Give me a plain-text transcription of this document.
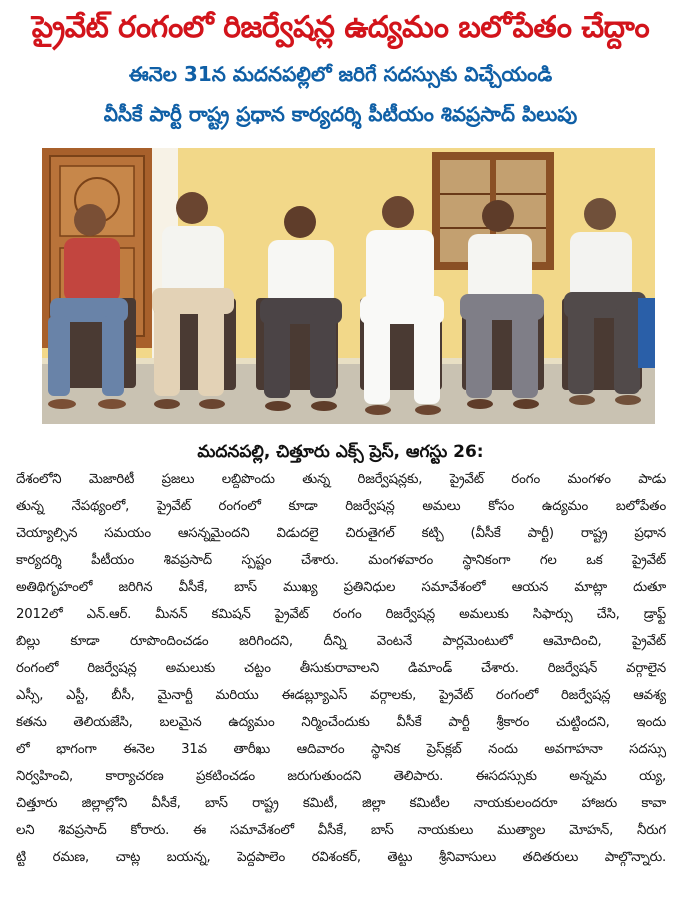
ప్రైవేట్ రంగంలో రిజర్వేషన్ల ఉద్యమం బలోపేతం చేద్దాం
ఈనెల 31న మదనపల్లిలో జరిగే సదస్సుకు విచ్చేయండి
వీసీకే పార్టీ రాష్ట్ర ప్రధాన కార్యదర్శి పీటీయం శివప్రసాద్ పిలుపు
మదనపల్లి, చిత్తూరు ఎక్స్ ప్రెస్, ఆగస్టు 26:
దేశంలోని మెజారిటీ ప్రజలు లబ్దిపొందు తున్న రిజర్వేషన్లకు, ప్రైవేట్ రంగం మంగళం పాడు
తున్న నేపథ్యంలో, ప్రైవేట్ రంగంలో కూడా రిజర్వేషన్ల అమలు కోసం ఉద్యమం బలోపేతం
చెయ్యాల్సిన సమయం ఆసన్నమైందని విడుదలై చిరుతైగల్ కట్చి (వీసీకే పార్టీ) రాష్ట్ర ప్రధాన
కార్యదర్శి పీటీయం శివప్రసాద్ స్పష్టం చేశారు. మంగళవారం స్థానికంగా గల ఒక ప్రైవేట్
అతిథిగృహంలో జరిగిన వీసీకే, బాస్ ముఖ్య ప్రతినిధుల సమావేశంలో ఆయన మాట్లా దుతూ
2012లో ఎన్.ఆర్. మీనన్ కమిషన్ ప్రైవేట్ రంగం రిజర్వేషన్ల అమలుకు సిఫార్సు చేసి, డ్రాఫ్ట్
బిల్లు కూడా రూపొందించడం జరిగిందని, దీన్ని వెంటనే పార్లమెంటులో ఆమోదించి, ప్రైవేట్
రంగంలో రిజర్వేషన్ల అమలుకు చట్టం తీసుకురావాలని డిమాండ్ చేశారు. రిజర్వేషన్ వర్గాలైన
ఎస్సీ, ఎస్టీ, బీసీ, మైనార్టీ మరియు ఈడబ్ల్యూఎస్ వర్గాలకు, ప్రైవేట్ రంగంలో రిజర్వేషన్ల ఆవశ్య
కతను తెలియజేసి, బలమైన ఉద్యమం నిర్మించేందుకు వీసీకే పార్టీ శ్రీకారం చుట్టిందని, ఇందు
లో భాగంగా ఈనెల 31వ తారీఖు ఆదివారం స్థానిక ప్రెస్‌క్లబ్ నందు అవగాహనా సదస్సు
నిర్వహించి, కార్యాచరణ ప్రకటించడం జరుగుతుందని తెలిపారు. ఈసదస్సుకు అన్నమ య్య,
చిత్తూరు జిల్లాల్లోని వీసీకే, బాస్ రాష్ట్ర కమిటీ, జిల్లా కమిటీల నాయకులందరూ హాజరు కావా
లని శివప్రసాద్ కోరారు. ఈ సమావేశంలో వీసీకే, బాస్ నాయకులు ముత్యాల మోహన్, నీరుగ
ట్టి రమణ, చాట్ల బయన్న, పెద్దపాలెం రవిశంకర్, తెట్టు శ్రీనివాసులు తదితరులు పాల్గొన్నారు.
